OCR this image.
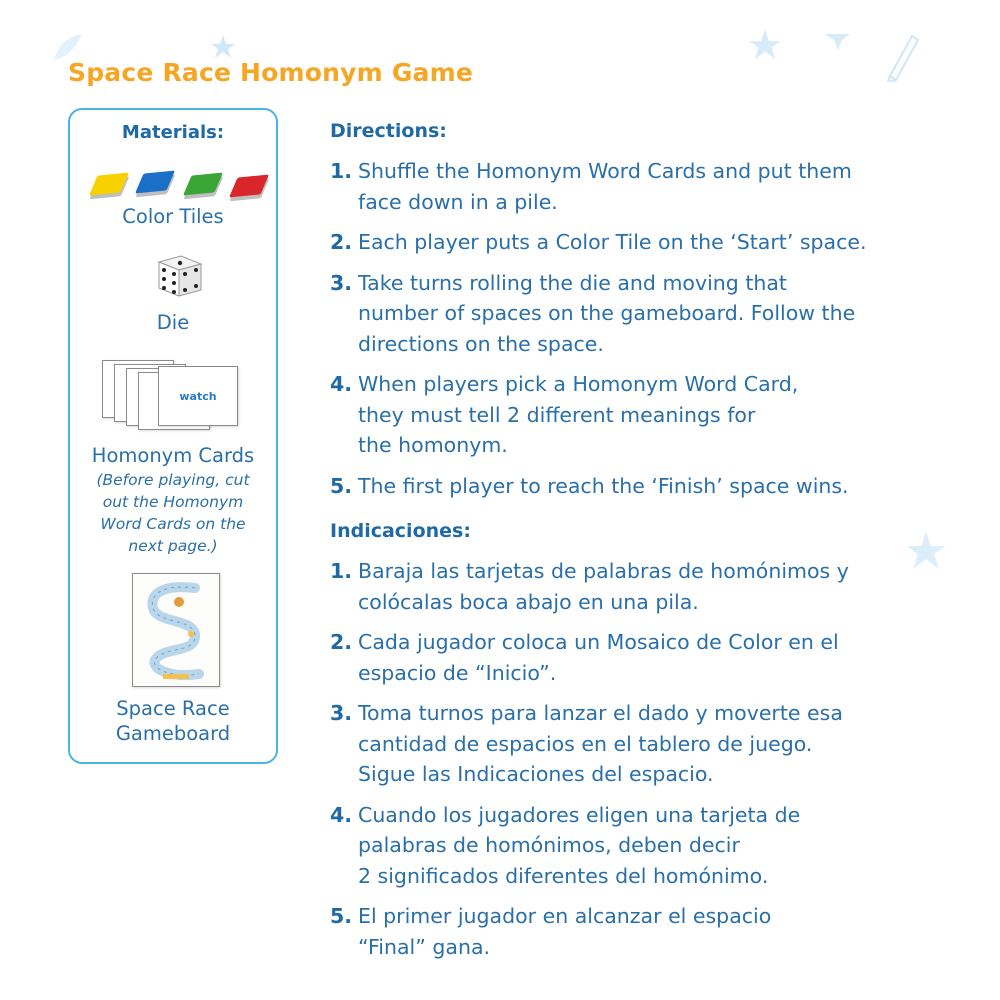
Space Race Homonym Game
Materials:
Color Tiles
Die
watch
Homonym Cards
(Before playing, cut
out the Homonym
Word Cards on the
next page.)
Space Race
Gameboard
Directions:
1. Shuffle the Homonym Word Cards and put them
face down in a pile.
2. Each player puts a Color Tile on the ‘Start’ space.
3. Take turns rolling the die and moving that
number of spaces on the gameboard. Follow the
directions on the space.
4. When players pick a Homonym Word Card,
they must tell 2 different meanings for
the homonym.
5. The first player to reach the ‘Finish’ space wins.
Indicaciones:
1. Baraja las tarjetas de palabras de homónimos y
colócalas boca abajo en una pila.
2. Cada jugador coloca un Mosaico de Color en el
espacio de “Inicio”.
3. Toma turnos para lanzar el dado y moverte esa
cantidad de espacios en el tablero de juego.
Sigue las Indicaciones del espacio.
4. Cuando los jugadores eligen una tarjeta de
palabras de homónimos, deben decir
2 significados diferentes del homónimo.
5. El primer jugador en alcanzar el espacio
“Final” gana.
